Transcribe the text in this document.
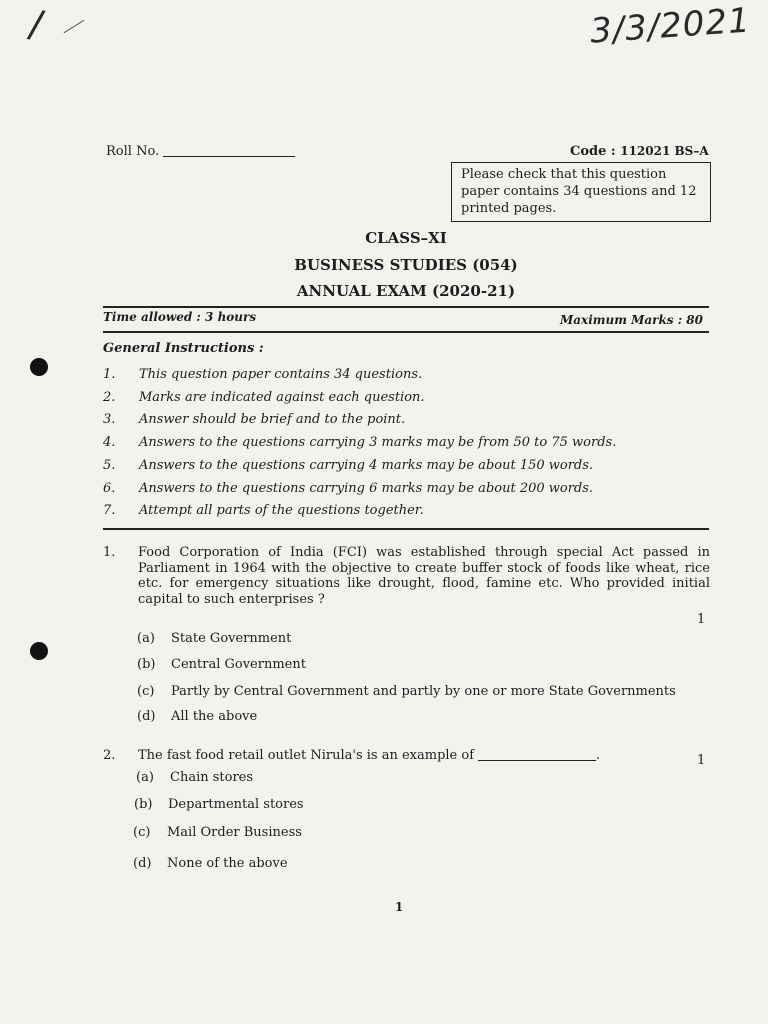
/	3/3/2021
Roll No.	Code : 112021 BS–A
Please check that this question paper contains 34 questions and 12 printed pages.
CLASS–XI
BUSINESS STUDIES (054)
ANNUAL EXAM (2020-21)
Time allowed : 3 hours	Maximum Marks : 80
General Instructions :
1. This question paper contains 34 questions.
2. Marks are indicated against each question.
3. Answer should be brief and to the point.
4. Answers to the questions carrying 3 marks may be from 50 to 75 words.
5. Answers to the questions carrying 4 marks may be about 150 words.
6. Answers to the questions carrying 6 marks may be about 200 words.
7. Attempt all parts of the questions together.
1.	Food Corporation of India (FCI) was established through special Act passed in Parliament in 1964 with the objective to create buffer stock of foods like wheat, rice etc. for emergency situations like drought, flood, famine etc. Who provided initial capital to such enterprises ?
1
(a) State Government
(b) Central Government
(c) Partly by Central Government and partly by one or more State Governments
(d) All the above
2.	The fast food retail outlet Nirula's is an example of	.	1
(a) Chain stores
(b) Departmental stores
(c) Mail Order Business
(d) None of the above
1
